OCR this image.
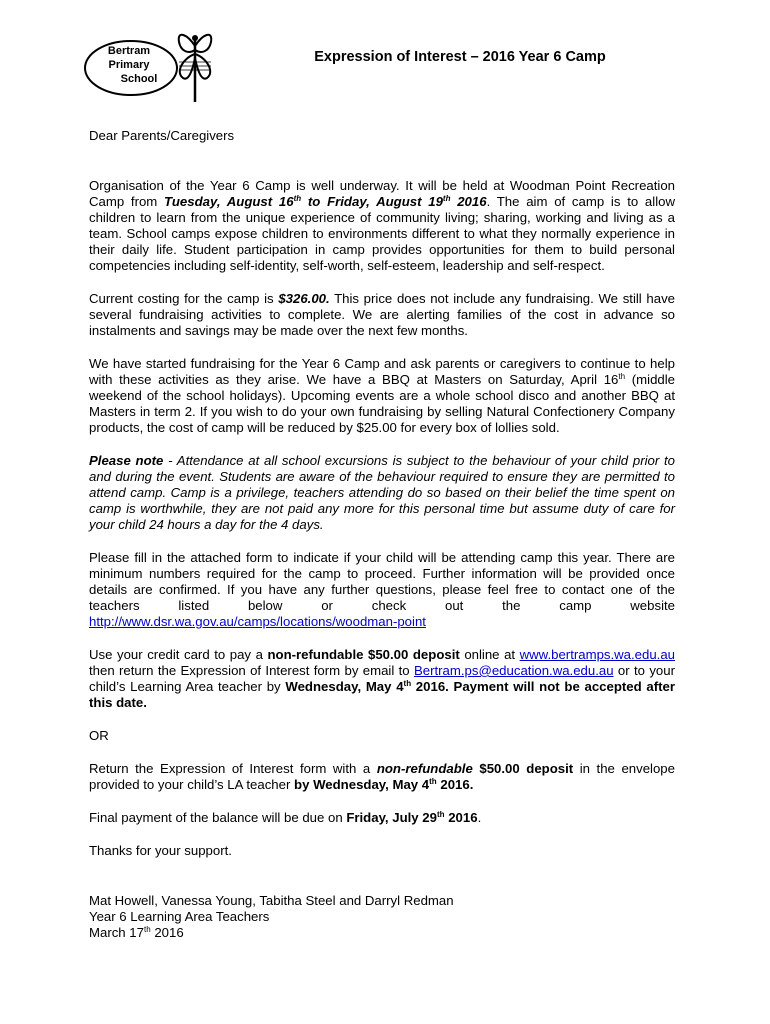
Bertram
Primary
School
Expression of Interest – 2016 Year 6 Camp

Dear Parents/Caregivers

Organisation of the Year 6 Camp is well underway. It will be held at Woodman Point Recreation Camp from Tuesday, August 16th to Friday, August 19th 2016. The aim of camp is to allow children to learn from the unique experience of community living; sharing, working and living as a team. School camps expose children to environments different to what they normally experience in their daily life. Student participation in camp provides opportunities for them to build personal competencies including self-identity, self-worth, self-esteem, leadership and self-respect.

Current costing for the camp is $326.00. This price does not include any fundraising. We still have several fundraising activities to complete. We are alerting families of the cost in advance so instalments and savings may be made over the next few months.

We have started fundraising for the Year 6 Camp and ask parents or caregivers to continue to help with these activities as they arise. We have a BBQ at Masters on Saturday, April 16th (middle weekend of the school holidays). Upcoming events are a whole school disco and another BBQ at Masters in term 2. If you wish to do your own fundraising by selling Natural Confectionery Company products, the cost of camp will be reduced by $25.00 for every box of lollies sold.

Please note - Attendance at all school excursions is subject to the behaviour of your child prior to and during the event. Students are aware of the behaviour required to ensure they are permitted to attend camp. Camp is a privilege, teachers attending do so based on their belief the time spent on camp is worthwhile, they are not paid any more for this personal time but assume duty of care for your child 24 hours a day for the 4 days.

Please fill in the attached form to indicate if your child will be attending camp this year. There are minimum numbers required for the camp to proceed. Further information will be provided once details are confirmed. If you have any further questions, please feel free to contact one of the teachers listed below or check out the camp website

http://www.dsr.wa.gov.au/camps/locations/woodman-point

Use your credit card to pay a non-refundable $50.00 deposit online at www.bertramps.wa.edu.au then return the Expression of Interest form by email to Bertram.ps@education.wa.edu.au or to your child’s Learning Area teacher by Wednesday, May 4th 2016. Payment will not be accepted after this date.

OR

Return the Expression of Interest form with a non-refundable $50.00 deposit in the envelope provided to your child’s LA teacher by Wednesday, May 4th 2016.

Final payment of the balance will be due on Friday, July 29th 2016.

Thanks for your support.

Mat Howell, Vanessa Young, Tabitha Steel and Darryl Redman

Year 6 Learning Area Teachers

March 17th 2016
